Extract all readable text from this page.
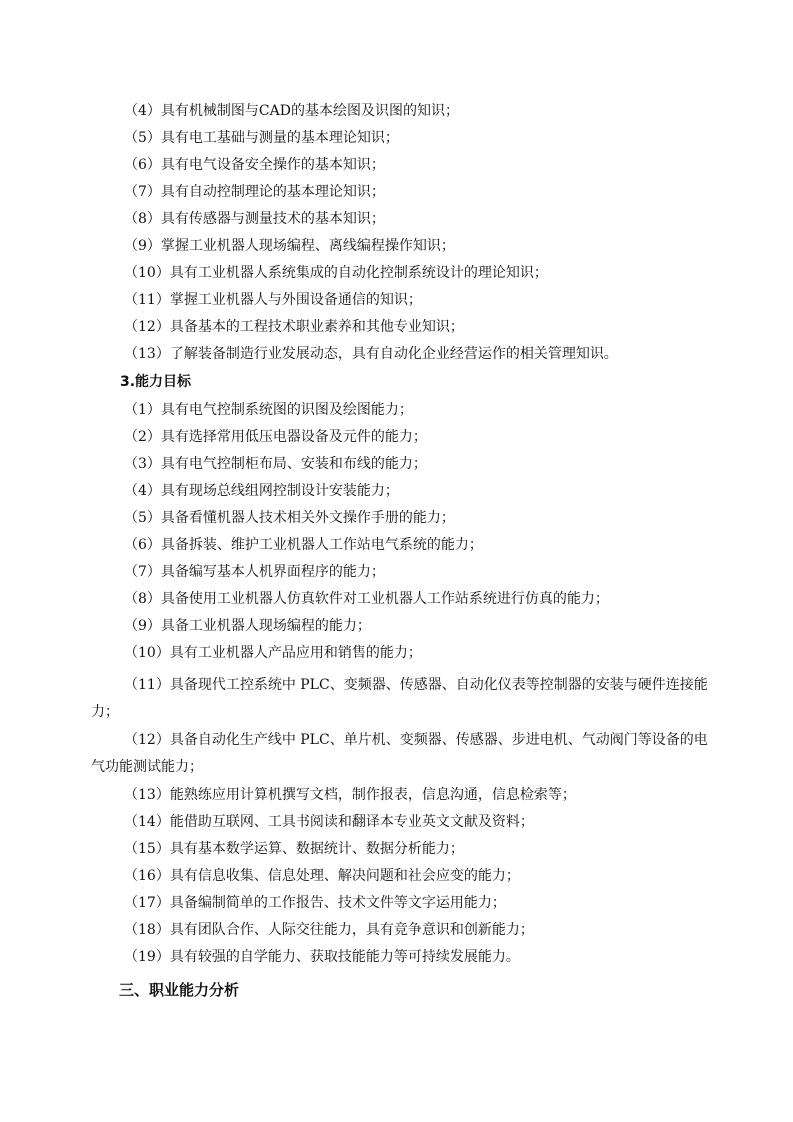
（4）具有机械制图与CAD的基本绘图及识图的知识；
（5）具有电工基础与测量的基本理论知识；
（6）具有电气设备安全操作的基本知识；
（7）具有自动控制理论的基本理论知识；
（8）具有传感器与测量技术的基本知识；
（9）掌握工业机器人现场编程、离线编程操作知识；
（10）具有工业机器人系统集成的自动化控制系统设计的理论知识；
（11）掌握工业机器人与外围设备通信的知识；
（12）具备基本的工程技术职业素养和其他专业知识；
（13）了解装备制造行业发展动态，具有自动化企业经营运作的相关管理知识。
3.能力目标
（1）具有电气控制系统图的识图及绘图能力；
（2）具有选择常用低压电器设备及元件的能力；
（3）具有电气控制柜布局、安装和布线的能力；
（4）具有现场总线组网控制设计安装能力；
（5）具备看懂机器人技术相关外文操作手册的能力；
（6）具备拆装、维护工业机器人工作站电气系统的能力；
（7）具备编写基本人机界面程序的能力；
（8）具备使用工业机器人仿真软件对工业机器人工作站系统进行仿真的能力；
（9）具备工业机器人现场编程的能力；
（10）具有工业机器人产品应用和销售的能力；
（11）具备现代工控系统中 PLC、变频器、传感器、自动化仪表等控制器的安装与硬件连接能
力；
（12）具备自动化生产线中 PLC、单片机、变频器、传感器、步进电机、气动阀门等设备的电
气功能测试能力；
（13）能熟练应用计算机撰写文档，制作报表，信息沟通，信息检索等；
（14）能借助互联网、工具书阅读和翻译本专业英文文献及资料；
（15）具有基本数学运算、数据统计、数据分析能力；
（16）具有信息收集、信息处理、解决问题和社会应变的能力；
（17）具备编制简单的工作报告、技术文件等文字运用能力；
（18）具有团队合作、人际交往能力，具有竞争意识和创新能力；
（19）具有较强的自学能力、获取技能能力等可持续发展能力。
三、职业能力分析
